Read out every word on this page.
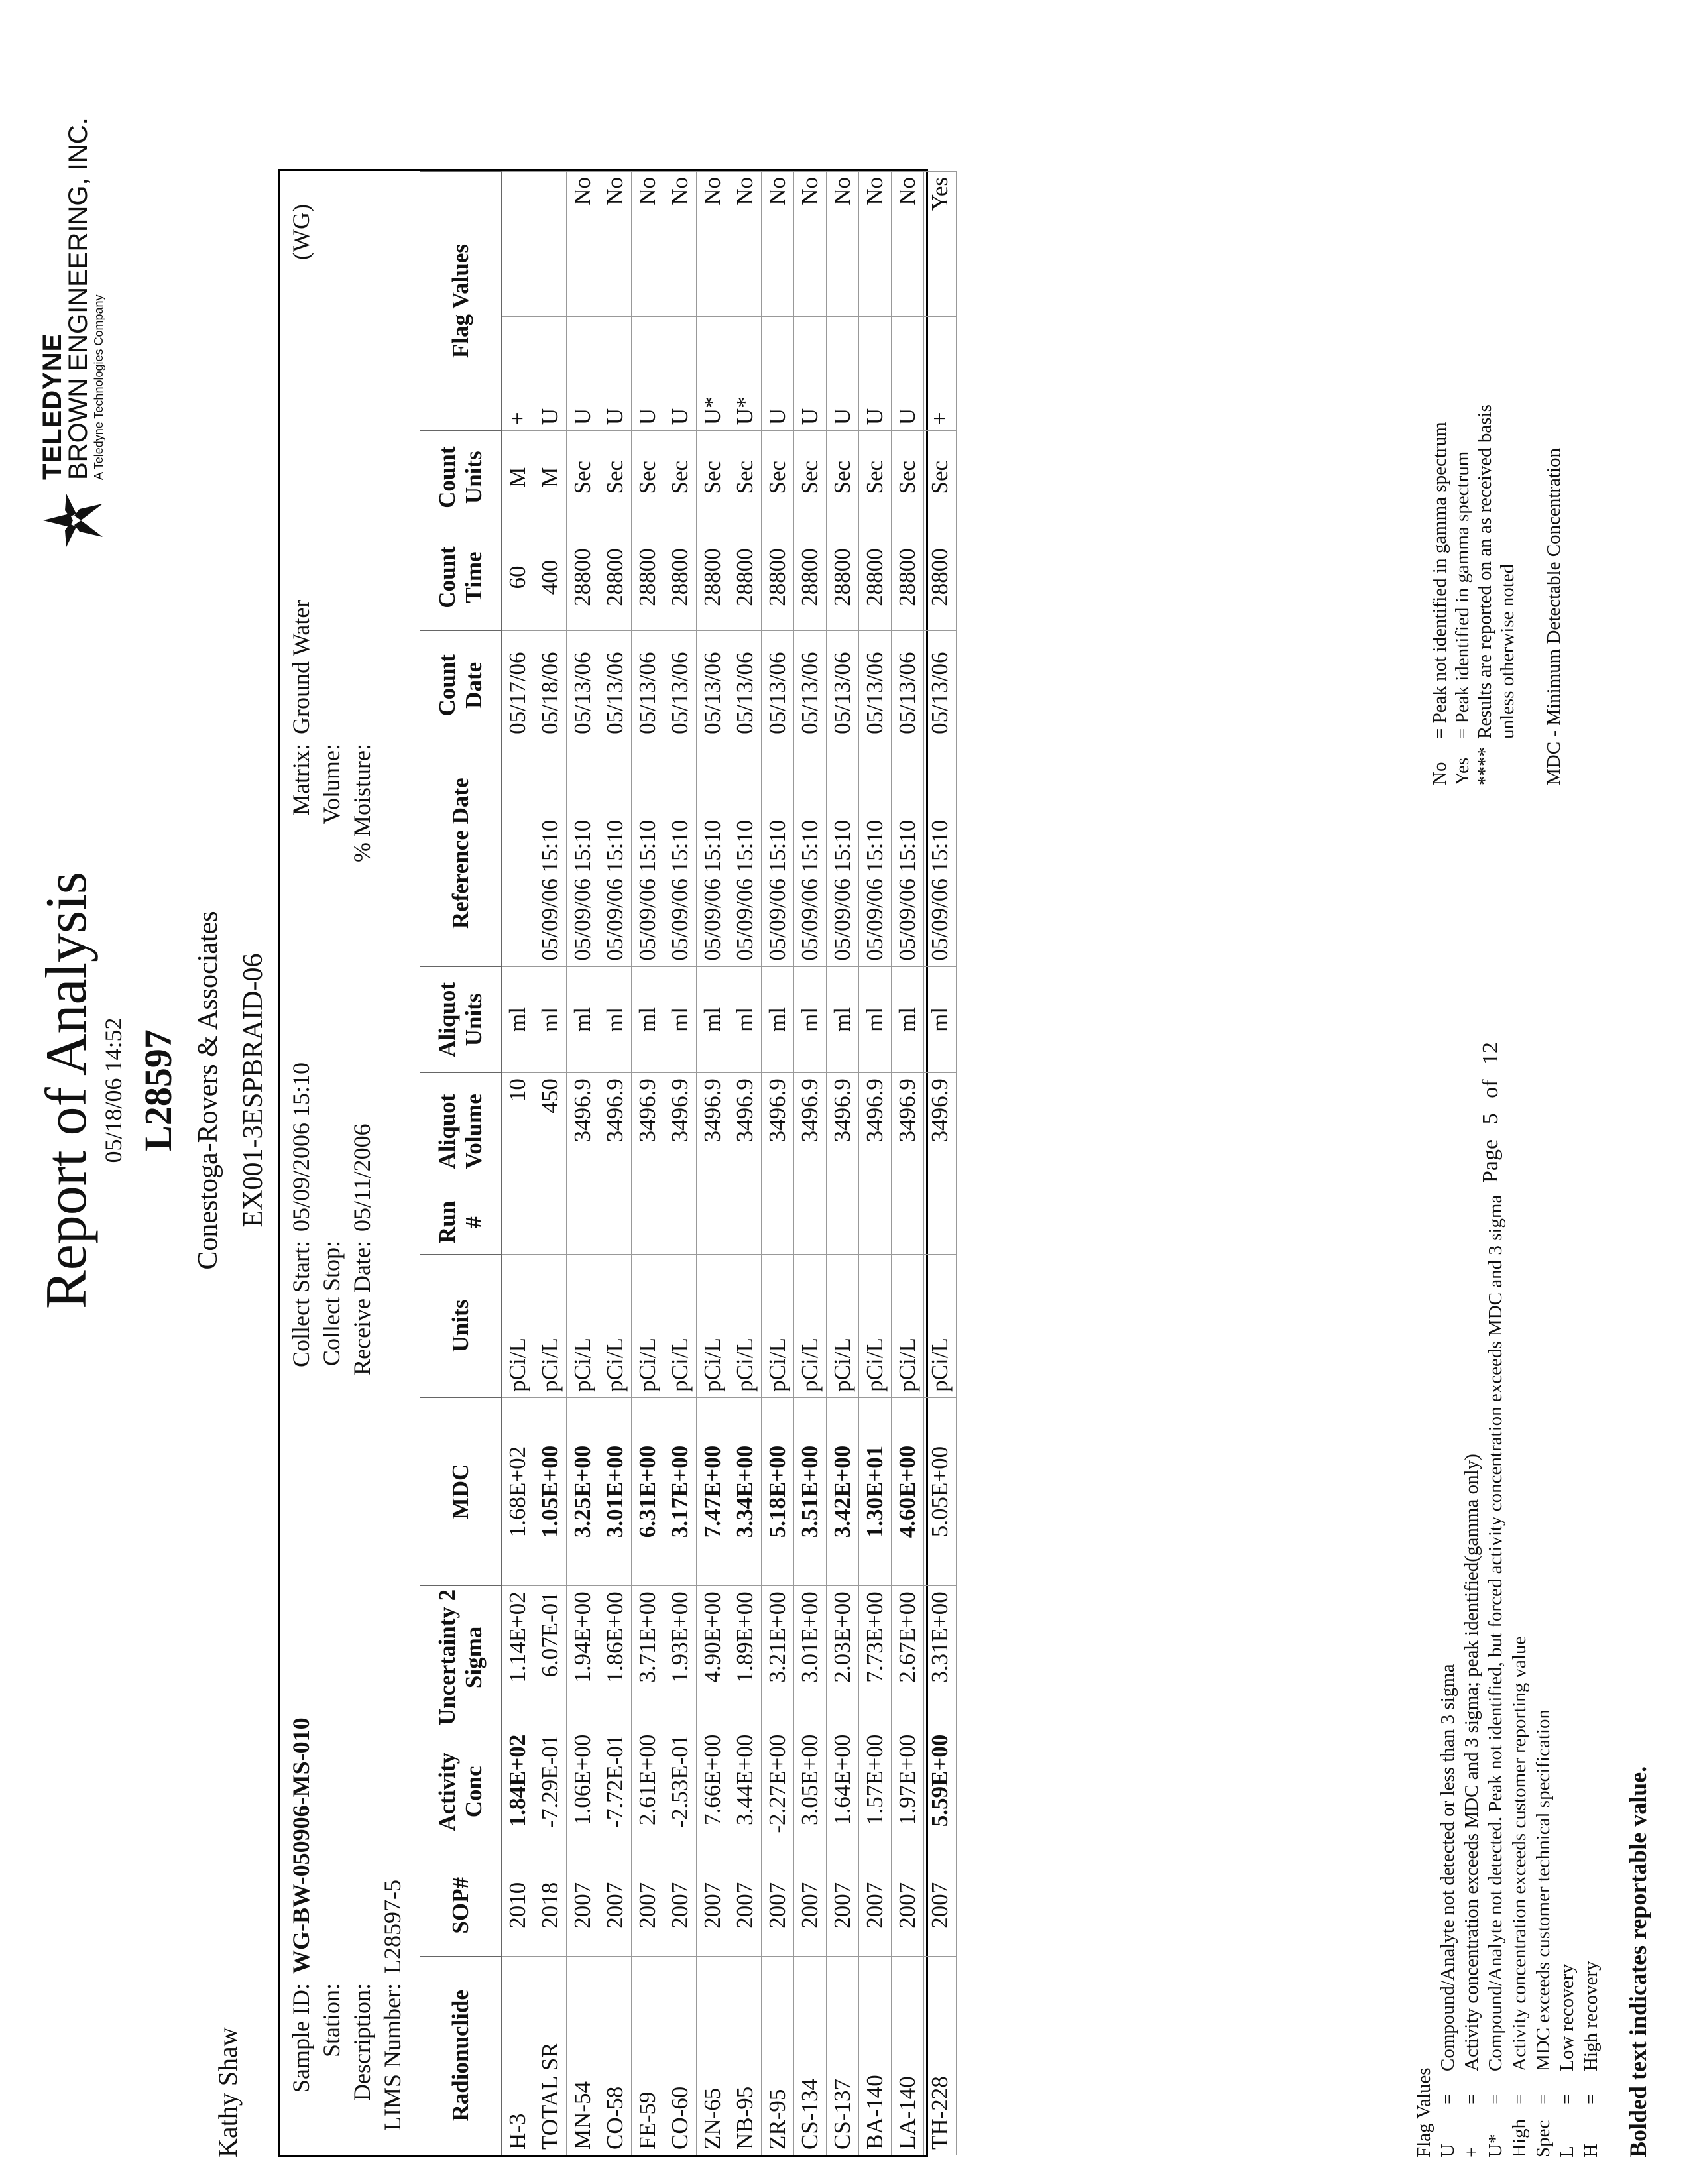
Report of Analysis 05/18/06 14:52 L28597 Conestoga-Rovers & Associates EX001-3ESPBRAID-06
Kathy Shaw

TELEDYNE
BROWN ENGINEERING, INC. A Teledyne Technologies Company
Sample ID:WG-BW-050906-MS-010
Station: Description: LIMS Number:L28597-5
Collect Start:05/09/2006 15:10
Collect Stop: Receive Date:05/11/2006
Matrix:Ground Water
Volume: % Moisture:
(WG)
Radionuclide	SOP#	Activity Conc	Uncertainty 2 Sigma	MDC	Units	Run #	Aliquot Volume	Aliquot Units	Reference Date	Count Date	Count Time	Count Units	Flag Values	
H-3	2010	1.84E+02	1.14E+02	1.68E+02	pCi/L		10	ml		05/17/06	60	M	+	
TOTAL SR	2018	-7.29E-01	6.07E-01	1.05E+00	pCi/L		450	ml	05/09/06 15:10	05/18/06	400	M	U	
MN-54	2007	1.06E+00	1.94E+00	3.25E+00	pCi/L		3496.9	ml	05/09/06 15:10	05/13/06	28800	Sec	U	No
CO-58	2007	-7.72E-01	1.86E+00	3.01E+00	pCi/L		3496.9	ml	05/09/06 15:10	05/13/06	28800	Sec	U	No
FE-59	2007	2.61E+00	3.71E+00	6.31E+00	pCi/L		3496.9	ml	05/09/06 15:10	05/13/06	28800	Sec	U	No
CO-60	2007	-2.53E-01	1.93E+00	3.17E+00	pCi/L		3496.9	ml	05/09/06 15:10	05/13/06	28800	Sec	U	No
ZN-65	2007	7.66E+00	4.90E+00	7.47E+00	pCi/L		3496.9	ml	05/09/06 15:10	05/13/06	28800	Sec	U*	No
NB-95	2007	3.44E+00	1.89E+00	3.34E+00	pCi/L		3496.9	ml	05/09/06 15:10	05/13/06	28800	Sec	U*	No
ZR-95	2007	-2.27E+00	3.21E+00	5.18E+00	pCi/L		3496.9	ml	05/09/06 15:10	05/13/06	28800	Sec	U	No
CS-134	2007	3.05E+00	3.01E+00	3.51E+00	pCi/L		3496.9	ml	05/09/06 15:10	05/13/06	28800	Sec	U	No
CS-137	2007	1.64E+00	2.03E+00	3.42E+00	pCi/L		3496.9	ml	05/09/06 15:10	05/13/06	28800	Sec	U	No
BA-140	2007	1.57E+00	7.73E+00	1.30E+01	pCi/L		3496.9	ml	05/09/06 15:10	05/13/06	28800	Sec	U	No
LA-140	2007	1.97E+00	2.67E+00	4.60E+00	pCi/L		3496.9	ml	05/09/06 15:10	05/13/06	28800	Sec	U	No
TH-228	2007	5.59E+00	3.31E+00	5.05E+00	pCi/L		3496.9	ml	05/09/06 15:10	05/13/06	28800	Sec	+	Yes
Flag Values U=Compound/Analyte not detected or less than 3 sigma
+=Activity concentration exceeds MDC and 3 sigma; peak identified(gamma only)
U*=Compound/Analyte not detected. Peak not identified, but forced activity concentration exceeds MDC and 3 sigma
High=Activity concentration exceeds customer reporting value
Spec=MDC exceeds customer technical specification
L=Low recovery
H=High recovery Bolded text indicates reportable value.
Page 5 of 12
No= Peak not identified in gamma spectrum
Yes= Peak identified in gamma spectrum
****Results are reported on an as received basis unless otherwise noted MDC - Minimum Detectable Concentration
